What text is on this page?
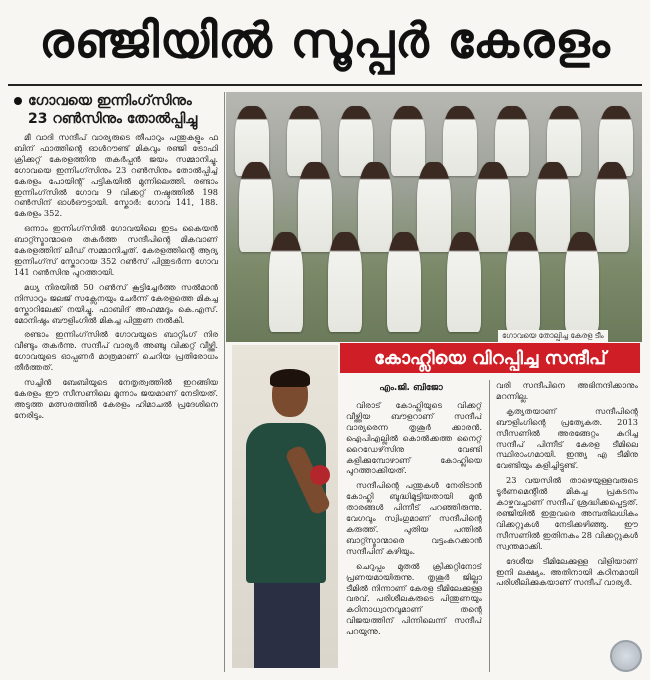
രഞ്ജിയിൽ സൂപ്പർ കേരളം
ഗോവയെ ഇന്നിംഗ്‌സിനും
23 റൺസിനും തോൽപ്പിച്ചു

മീ വാദി സന്ദീപ് വാര്യരുടെ തീപാറും പന്തുകളും ഫ ബിന് ഫാത്തിന്റെ ഓൾറൗണ്ട് മികവും രഞ്ജി ട്രോഫി ക്രിക്കറ്റ് കേരളത്തിനു തകർപ്പൻ ജയം സമ്മാനിച്ചു. ഗോവയെ ഇന്നിംഗ്‌സിനും 23 റൺസിനും തോൽപ്പിച്ച് കേരളം പോയിന്റ് പട്ടികയിൽ മുന്നിലെത്തി. രണ്ടാം ഇന്നിംഗ്‌സിൽ ഗോവ 9 വിക്കറ്റ് നഷ്ടത്തിൽ 198 റൺസിന് ഓൾഔട്ടായി. സ്കോർ: ഗോവ 141, 188. കേരളം 352.

ഒന്നാം ഇന്നിംഗ്‌സിൽ ഗോവയിലെ ഇടം കൈയൻ ബാറ്റ്സ്മാന്മാരെ തകർത്ത സന്ദീപിന്റെ മികവാണ് കേരളത്തിന് ലീഡ് സമ്മാനിച്ചത്. കേരളത്തിന്റെ ആദ്യ ഇന്നിംഗ്‌സ് സ്കോറായ 352 റൺസ് പിന്തുടർന്ന ഗോവ 141 റൺസിനു പുറത്തായി.

മധ്യ നിരയിൽ 50 റൺസ് കൂട്ടിച്ചേർത്ത സൽമാൻ നിസാറും ജലജ് സക്സേനയും ചേർന്ന് കേരളത്തെ മികച്ച സ്കോറിലേക്ക് നയിച്ചു. ഫാബിദ് അഹമ്മദും കെ.എസ്. മോനിഷും ബൗളിംഗിൽ മികച്ച പിന്തുണ നൽകി.

രണ്ടാം ഇന്നിംഗ്‌സിൽ ഗോവയുടെ ബാറ്റിംഗ് നിര വീണ്ടും തകർന്നു. സന്ദീപ് വാര്യർ അഞ്ചു വിക്കറ്റ് വീഴ്ത്തി. ഗോവയുടെ ഓപ്പണർ മാത്രമാണ് ചെറിയ പ്രതിരോധം തീർത്തത്.

സച്ചിൻ ബേബിയുടെ നേതൃത്വത്തിൽ ഇറങ്ങിയ കേരളം ഈ സീസണിലെ മൂന്നാം ജയമാണ് നേടിയത്. അടുത്ത മത്സരത്തിൽ കേരളം ഹിമാചൽ പ്രദേശിനെ നേരിടും.

ഗോവയെ തോല്പിച്ച കേരള ടീം
കോഹ്ലിയെ വിറപ്പിച്ച സന്ദീപ്
എം.ജി. ബിജോ

വിരാട് കോഹ്ലിയുടെ വിക്കറ്റ് വീഴ്ത്തിയ ബൗളറാണ് സന്ദീപ് വാര്യരെന്ന തൃശൂർ ക്കാരൻ. ഐപിഎല്ലിൽ കൊൽക്കത്ത നൈറ്റ് റൈഡേഴ്‌സിനു വേണ്ടി കളിക്കുമ്പോഴാണ് കോഹ്ലിയെ പുറത്താക്കിയത്.

സന്ദീപിന്റെ പന്തുകൾ നേരിടാൻ കോഹ്ലി ബുദ്ധിമുട്ടിയതായി മുൻ താരങ്ങൾ പിന്നീട് പറഞ്ഞിരുന്നു. വേഗവും സ്വിംഗുമാണ് സന്ദീപിന്റെ കരുത്ത്. പുതിയ പന്തിൽ ബാറ്റ്സ്മാന്മാരെ വട്ടംകറക്കാൻ സന്ദീപിന് കഴിയും.

ചെറുപ്പം മുതൽ ക്രിക്കറ്റിനോട് പ്രണയമായിരുന്നു. തൃശൂർ ജില്ലാ ടീമിൽ നിന്നാണ് കേരള ടീമിലേക്കുള്ള വരവ്. പരിശീലകരുടെ പിന്തുണയും കഠിനാധ്വാനവുമാണ് തന്റെ വിജയത്തിന് പിന്നിലെന്ന് സന്ദീപ് പറയുന്നു.

വരി സന്ദീപിനെ അഭിനന്ദിക്കാനും മറന്നില്ല.

കൃത്യതയാണ് സന്ദീപിന്റെ ബൗളിംഗിന്റെ പ്രത്യേകത. 2013 സീസണിൽ അരങ്ങേറ്റം കുറിച്ച സന്ദീപ് പിന്നീട് കേരള ടീമിലെ സ്ഥിരാംഗമായി. ഇന്ത്യ എ ടീമിനു വേണ്ടിയും കളിച്ചിട്ടുണ്ട്.

23 വയസിൽ താഴെയുള്ളവരുടെ ടൂർണമെന്റിൽ മികച്ച പ്രകടനം കാഴ്ചവച്ചാണ് സന്ദീപ് ശ്രദ്ധിക്കപ്പെട്ടത്. രഞ്ജിയിൽ ഇതുവരെ അമ്പതിലധികം വിക്കറ്റുകൾ നേടിക്കഴിഞ്ഞു. ഈ സീസണിൽ ഇതിനകം 28 വിക്കറ്റുകൾ സ്വന്തമാക്കി.

ദേശീയ ടീമിലേക്കുള്ള വിളിയാണ് ഇനി ലക്ഷ്യം. അതിനായി കഠിനമായി പരിശീലിക്കുകയാണ് സന്ദീപ് വാര്യർ.
